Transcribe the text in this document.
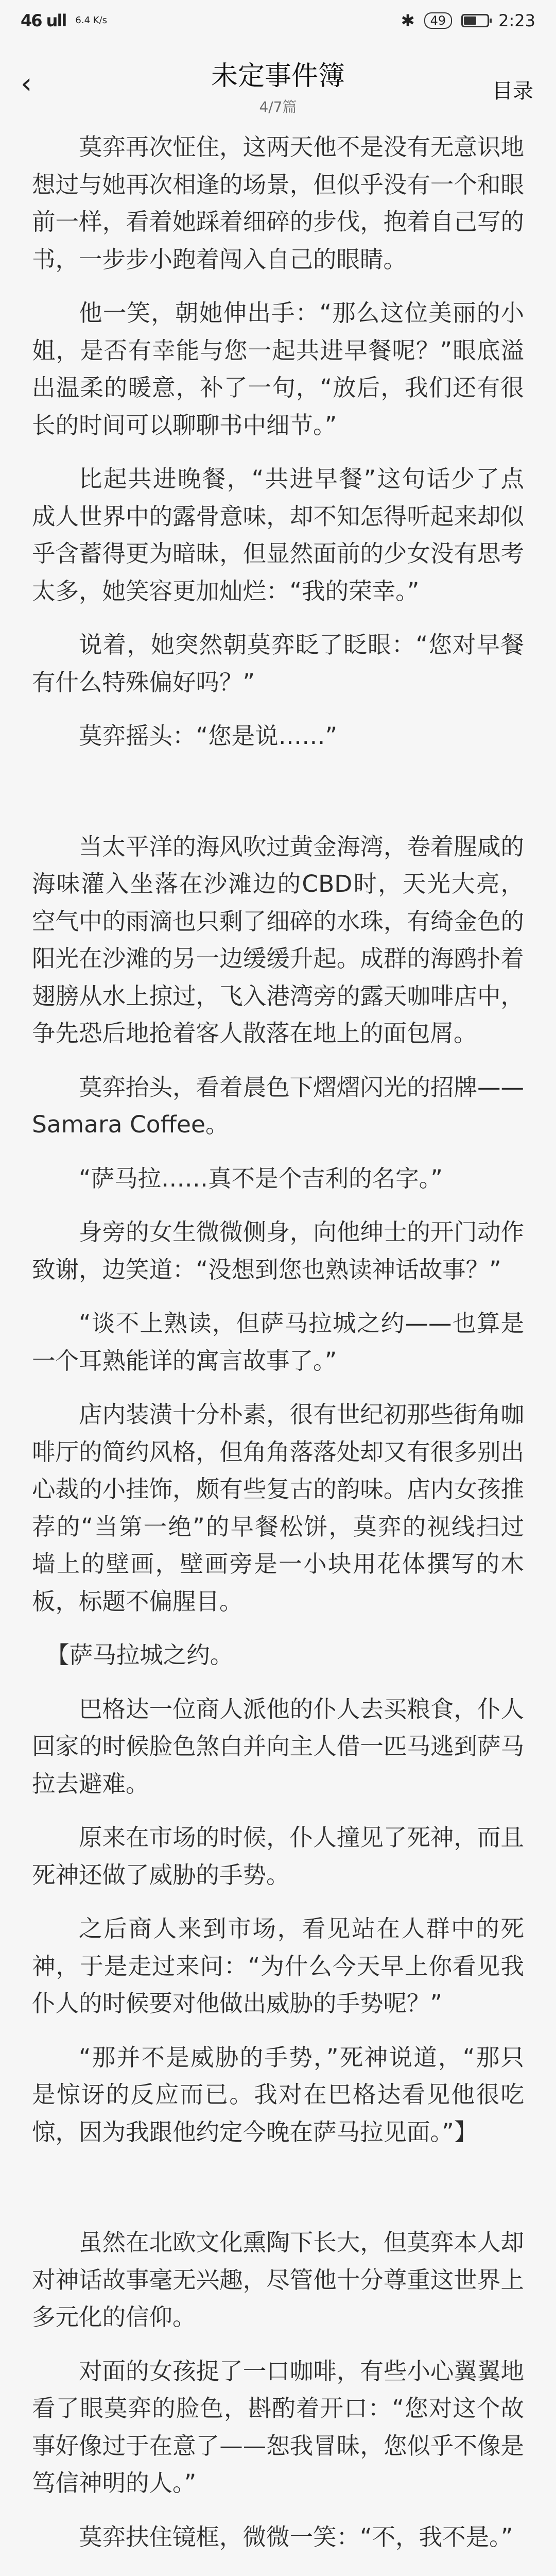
46 ull 6.4 K/s	✱	49	2:23
‹	未定事件簿
4/7篇
目录

莫弈再次怔住，这两天他不是没有无意识地想过与她再次相逢的场景，但似乎没有一个和眼前一样，看着她踩着细碎的步伐，抱着自己写的书，一步步小跑着闯入自己的眼睛。

他一笑，朝她伸出手：“那么这位美丽的小姐，是否有幸能与您一起共进早餐呢？”眼底溢出温柔的暖意，补了一句，“放后，我们还有很长的时间可以聊聊书中细节。”

比起共进晚餐，“共进早餐”这句话少了点成人世界中的露骨意味，却不知怎得听起来却似乎含蓄得更为暗昧，但显然面前的少女没有思考太多，她笑容更加灿烂：“我的荣幸。”

说着，她突然朝莫弈眨了眨眼：“您对早餐有什么特殊偏好吗？”

莫弈摇头：“您是说……”

当太平洋的海风吹过黄金海湾，卷着腥咸的海味灌入坐落在沙滩边的CBD时，天光大亮，空气中的雨滴也只剩了细碎的水珠，有绮金色的阳光在沙滩的另一边缓缓升起。成群的海鸥扑着翅膀从水上掠过，飞入港湾旁的露天咖啡店中，争先恐后地抢着客人散落在地上的面包屑。

莫弈抬头，看着晨色下熠熠闪光的招牌——Samara Coffee。

“萨马拉……真不是个吉利的名字。”

身旁的女生微微侧身，向他绅士的开门动作致谢，边笑道：“没想到您也熟读神话故事？”

“谈不上熟读，但萨马拉城之约——也算是一个耳熟能详的寓言故事了。”

店内装潢十分朴素，很有世纪初那些街角咖啡厅的简约风格，但角角落落处却又有很多别出心裁的小挂饰，颇有些复古的韵味。店内女孩推荐的“当第一绝”的早餐松饼，莫弈的视线扫过墙上的壁画，壁画旁是一小块用花体撰写的木板，标题不偏腥目。

【萨马拉城之约。

巴格达一位商人派他的仆人去买粮食，仆人回家的时候脸色煞白并向主人借一匹马逃到萨马拉去避难。

原来在市场的时候，仆人撞见了死神，而且死神还做了威胁的手势。

之后商人来到市场，看见站在人群中的死神，于是走过来问：“为什么今天早上你看见我仆人的时候要对他做出威胁的手势呢？”

“那并不是威胁的手势，”死神说道，“那只是惊讶的反应而已。我对在巴格达看见他很吃惊，因为我跟他约定今晚在萨马拉见面。”】

虽然在北欧文化熏陶下长大，但莫弈本人却对神话故事毫无兴趣，尽管他十分尊重这世界上多元化的信仰。

对面的女孩捉了一口咖啡，有些小心翼翼地看了眼莫弈的脸色，斟酌着开口：“您对这个故事好像过于在意了——恕我冒昧，您似乎不像是笃信神明的人。”

莫弈扶住镜框，微微一笑：“不，我不是。”
